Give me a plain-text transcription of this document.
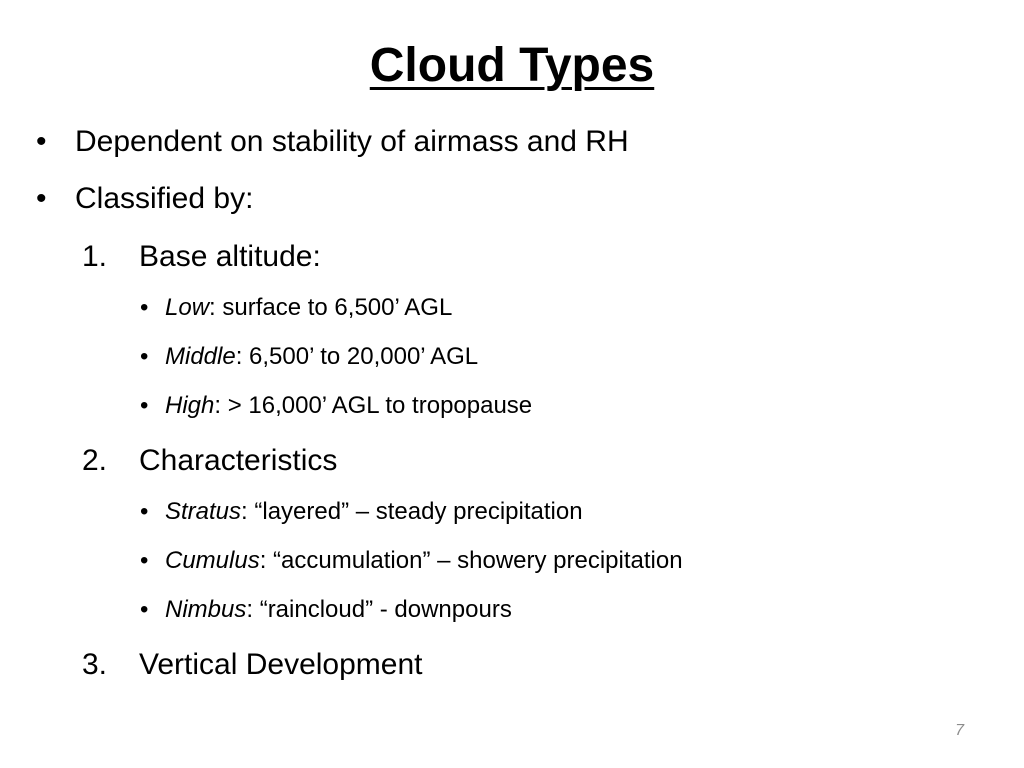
Cloud Types
• Dependent on stability of airmass and RH
• Classified by:
1. Base altitude:
• Low: surface to 6,500’ AGL
• Middle: 6,500’ to 20,000’ AGL
• High: > 16,000’ AGL to tropopause
2. Characteristics
• Stratus: “layered” – steady precipitation
• Cumulus: “accumulation” – showery precipitation
• Nimbus: “raincloud” - downpours
3. Vertical Development
7
